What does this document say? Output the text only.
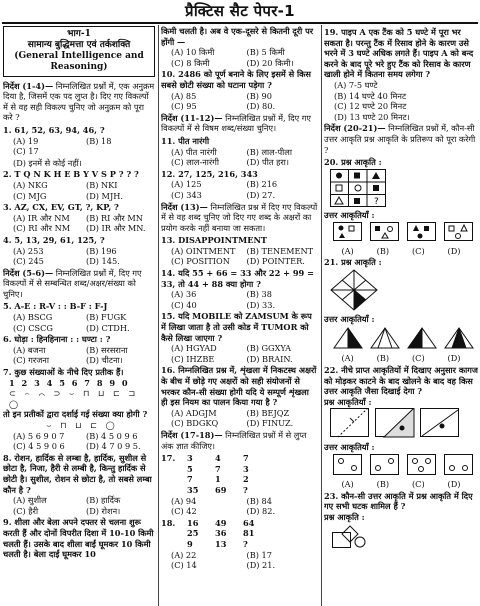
प्रैक्टिस सैट पेपर-1
भाग-1
सामान्य बुद्धिमत्ता एवं तर्कशक्ति
(General Intelligence and
Reasoning)
निर्देश (1-4)— निम्नलिखित प्रश्नों में, एक अनुक्रम दिया है, जिसमें एक पद लुप्त है। दिए गए विकल्पों में से वह सही विकल्प चुनिए जो अनुक्रम को पूरा करे ?
1. 61, 52, 63, 94, 46, ?
(A) 19	(B) 18
(C) 17
(D) इनमें से कोई नहीं।
2. T Q N K H E B Y V S P ? ? ?
(A) NKG	(B) NKI
(C) MJG	(D) MJH.
3. AZ, CX, EV, GT, ?, KP, ?
(A) IR और NM	(B) RI और MN
(C) RI और NM	(D) IR और MN.
4. 5, 13, 29, 61, 125, ?
(A) 253	(B) 196
(C) 245	(D) 145.
निर्देश (5-6)— निम्नलिखित प्रश्नों में, दिए गए विकल्पों में से सम्बन्धित शब्द/अक्षर/संख्या को चुनिए।
5. A-E : R-V : : B-F : F-J
(A) BSCG	(B) FUGK
(C) CSCG	(D) CTDH.
6. घोड़ा : हिनहिनाना : : घण्टा : ?
(A) बजना	(B) सरसराना
(C) गरजना	(D) चीटना।
7. कुछ संख्याओं के नीचे दिए प्रतीक हैं।
1 2 3 4 5 6 7 8 9 0
⊂ ⌢ ⌒ ⊃ ⌣ ⊓ ⊔ ⊏ ⊐ ◯
तो इन प्रतीकों द्वारा दर्शाई गई संख्या क्या होगी ?
⌣ ⊓ ⊔ ⊏ ◯
(A) 5 6 9 0 7	(B) 4 5 0 9 6
(C) 4 5 9 0 6	(D) 4 7 0 9 5.
8. रोशन, हार्दिक से लम्बा है, हार्दिक, सुशील से छोटा है, निजा, हैरी से लम्बी है, किन्तु हार्दिक से छोटी है। सुशील, रोशन से छोटा है, तो सबसे लम्बा कौन है ?
(A) सुशील	(B) हार्दिक
(C) हैरी	(D) रोशन।
9. शीला और बेला अपने दफ्तर से चलना शुरू करती हैं और दोनों विपरीत दिशा में 10-10 किमी चलती हैं। उसके बाद शीला बाईं घूमकर 10 किमी चलती है। बेला दाईं घूमकर 10
किमी चलती है। अब वे एक-दूसरे से कितनी दूरी पर होंगी —
(A) 10 किमी	(B) 5 किमी
(C) 8 किमी	(D) 20 किमी।
10. 2486 को पूर्ण बनाने के लिए इसमें से किस सबसे छोटी संख्या को घटाना पड़ेगा ?
(A) 85	(B) 90
(C) 95	(D) 80.
निर्देश (11-12)— निम्नलिखित प्रश्नों में, दिए गए विकल्पों में से विषम शब्द/संख्या चुनिए।
11. पीत नारंगी
(A) पीत नारंगी	(B) लाल-पीला
(C) लाल-नारंगी	(D) पीत हरा।
12. 27, 125, 216, 343
(A) 125	(B) 216
(C) 343	(D) 27.
निर्देश (13)— निम्नलिखित प्रश्न में दिए गए विकल्पों में से वह शब्द चुनिए जो दिए गए शब्द के अक्षरों का प्रयोग करके नहीं बनाया जा सकता।
13. DISAPPOINTMENT
(A) OINTMENT	(B) TENEMENT
(C) POSITION	(D) POINTER.
14. यदि 55 + 66 = 33 और 22 + 99 = 33, तो 44 + 88 क्या होगा ?
(A) 36	(B) 38
(C) 40	(D) 33.
15. यदि MOBILE को ZAMSUM के रूप में लिखा जाता है तो उसी कोड में TUMOR को कैसे लिखा जाएगा ?
(A) HGYAD	(B) GGXYA
(C) IHZBE	(D) BRAIN.
16. निम्नलिखित प्रश्न में, शृंखला में निकटस्थ अक्षरों के बीच में छोड़े गए अक्षरों को सही संयोजनों से भरकर कौन-सी संख्या होगी यदि ये सम्पूर्ण शृंखला ही इस नियम का पालन किया गया है ?
(A) ADGJM	(B) BEJQZ
(C) BDGKQ	(D) FINUZ.
निर्देश (17-18)— निम्नलिखित प्रश्नों में से लुप्त अंक ज्ञात कीजिए।
17. 3	4	7
5	7	3
7	1	2
35	69	?
(A) 94	(B) 84
(C) 42	(D) 82.
18. 16	49	64
25	36	81
9	13	?
(A) 22	(B) 17
(C) 14	(D) 21.
19. पाइप A एक टैंक को 5 घण्टे में पूरा भर सकता है। परन्तु टैंक में रिसाव होने के कारण उसे भरने में 3 घण्टे अधिक लगते हैं। पाइप A को बन्द करने के बाद पूरे भरे हुए टैंक को रिसाव के कारण खाली होने में कितना समय लगेगा ?
(A) 7-5 घण्टे
(B) 14 घण्टे 40 मिनट
(C) 12 घण्टे 20 मिनट
(D) 13 घण्टे 20 मिनट।
निर्देश (20-21)— निम्नलिखित प्रश्नों में, कौन-सी उत्तर आकृति प्रश्न आकृति के प्रतिरूप को पूरा करेगी ?
20. प्रश्न आकृति :
?
उत्तर आकृतियाँ :
(A)	(B)	(C)	(D)
21. प्रश्न आकृति :
उत्तर आकृतियाँ :
(A)	(B)	(C)	(D)
22. नीचे प्राप्त आकृतियों में दिखाए अनुसार कागज को मोड़कर काटने के बाद खोलने के बाद वह किस उत्तर आकृति जैसा दिखाई देगा ?
प्रश्न आकृतियाँ :
उत्तर आकृतियाँ :
(A)	(B)	(C)	(D)
23. कौन-सी उत्तर आकृति में प्रश्न आकृति में दिए गए सभी घटक शामिल हैं ?
प्रश्न आकृति :
